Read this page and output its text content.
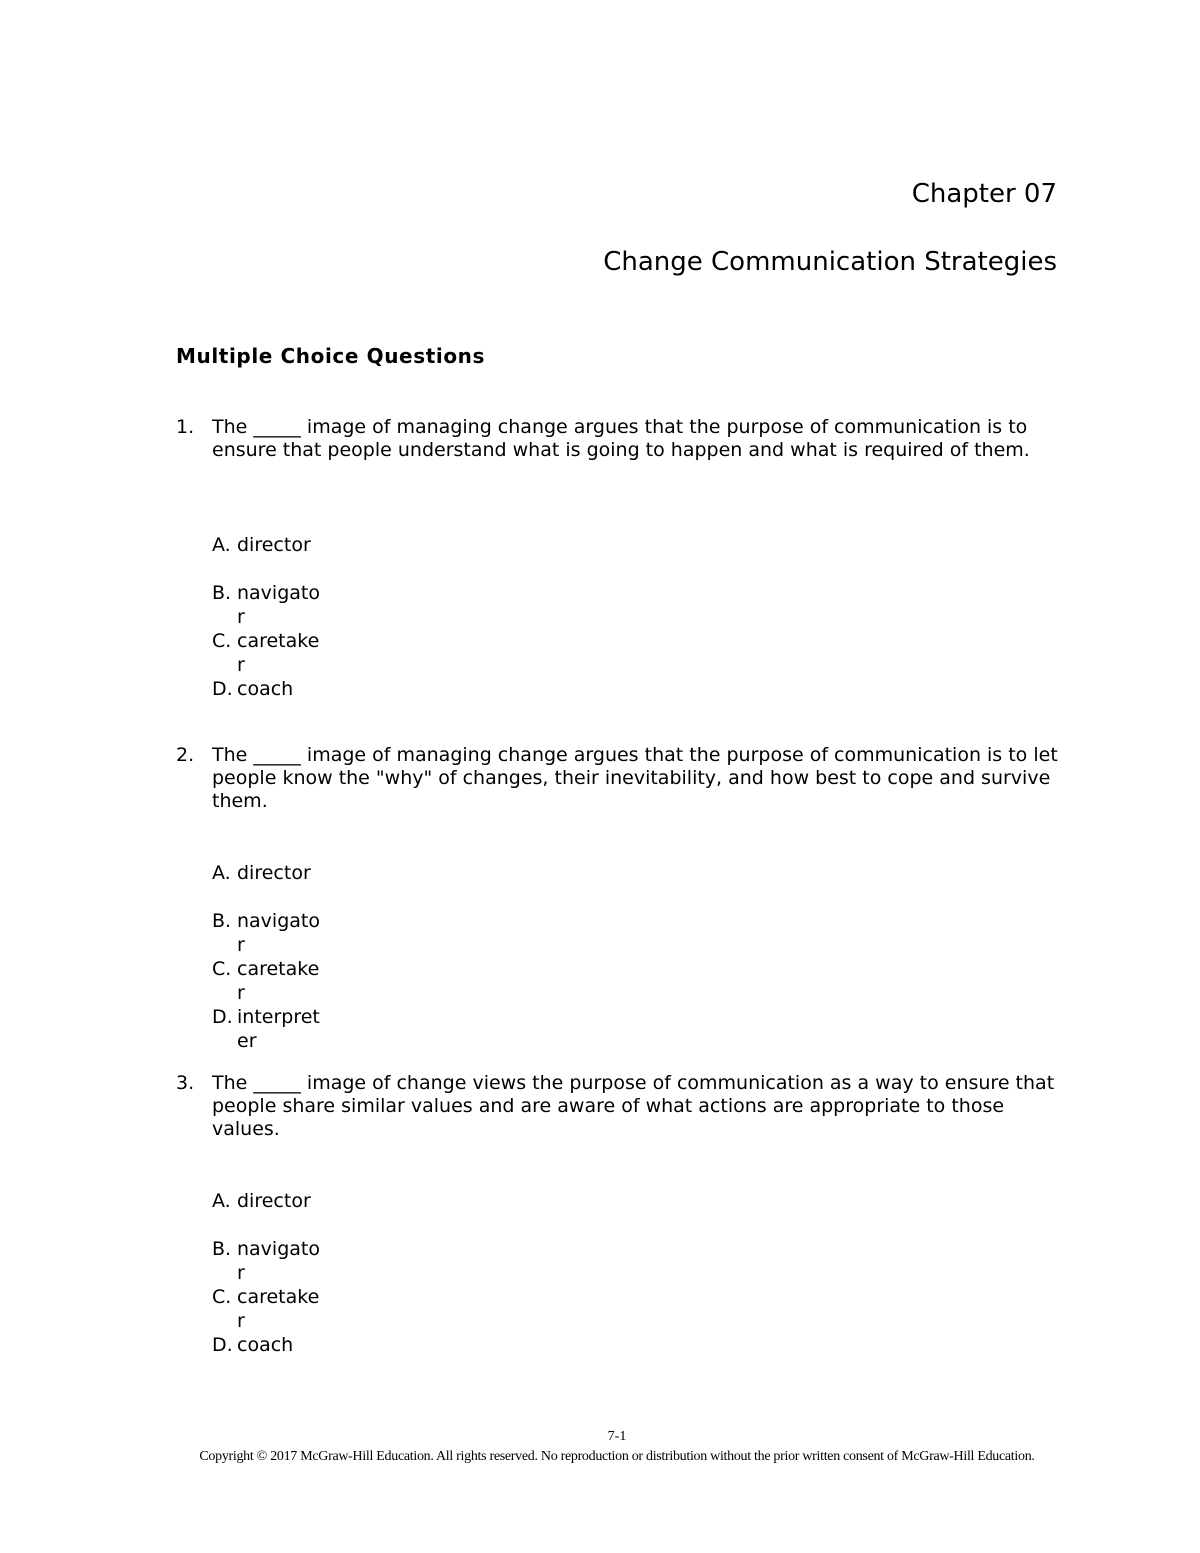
Chapter 07
Change Communication Strategies
Multiple Choice Questions
1. The _____ image of managing change argues that the purpose of communication is to ensure that people understand what is going to happen and what is required of them.
A. director
B. navigator
C. caretaker
D. coach
2. The _____ image of managing change argues that the purpose of communication is to let people know the "why" of changes, their inevitability, and how best to cope and survive them.
A. director
B. navigator
C. caretaker
D. interpreter
3. The _____ image of change views the purpose of communication as a way to ensure that people share similar values and are aware of what actions are appropriate to those values.
A. director
B. navigator
C. caretaker
D. coach
7-1
Copyright © 2017 McGraw-Hill Education. All rights reserved. No reproduction or distribution without the prior written consent of McGraw-Hill Education.
